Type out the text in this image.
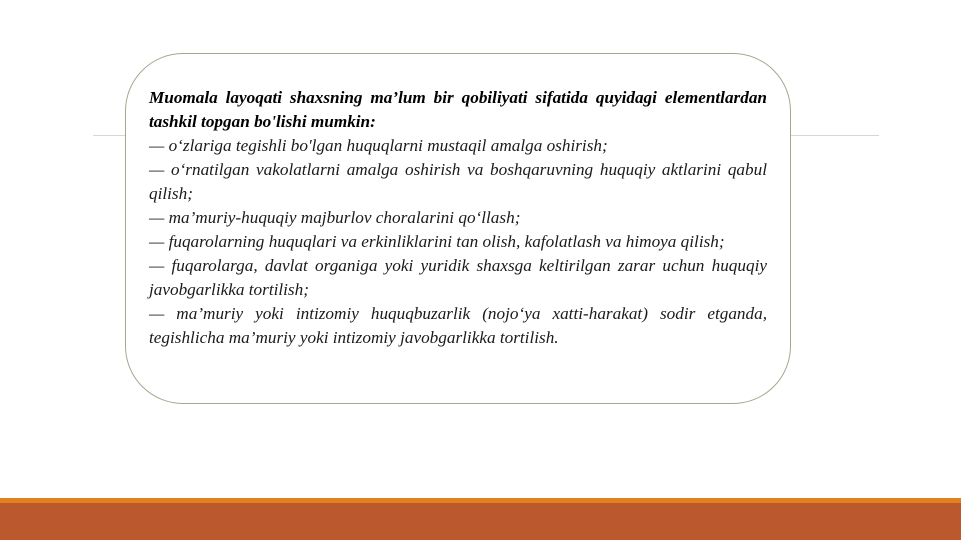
Muomala layoqati shaxsning ma’lum bir qobiliyati sifatida quyidagi elementlardan tashkil topgan bo'lishi mumkin:

— o‘zlariga tegishli bo'lgan huquqlarni mustaqil amalga oshirish;

— o‘rnatilgan vakolatlarni amalga oshirish va boshqaruvning huquqiy aktlarini qabul qilish;

— ma’muriy-huquqiy majburlov choralarini qo‘llash;

— fuqarolarning huquqlari va erkinliklarini tan olish, kafolatlash va himoya qilish;

— fuqarolarga, davlat organiga yoki yuridik shaxsga keltirilgan zarar uchun huquqiy javobgarlikka tortilish;

— ma’muriy yoki intizomiy huquqbuzarlik (nojo‘ya xatti-harakat) sodir etganda, tegishlicha ma’muriy yoki intizomiy javobgarlikka tortilish.
